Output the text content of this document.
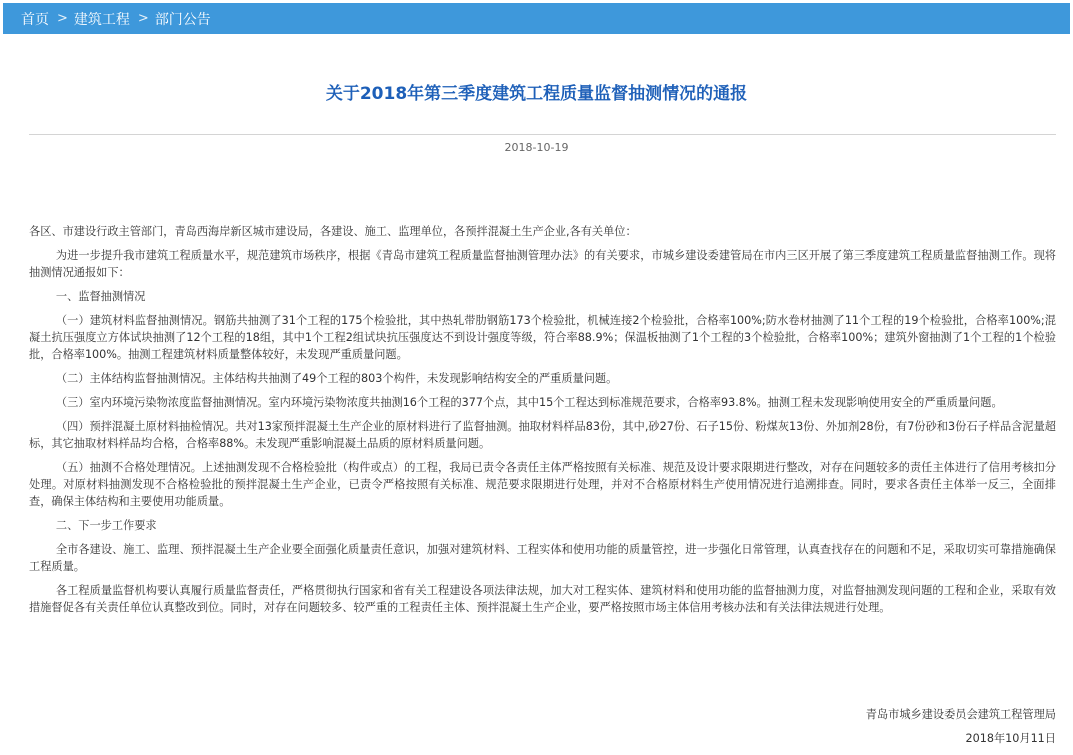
首页 > 建筑工程 > 部门公告
关于2018年第三季度建筑工程质量监督抽测情况的通报
2018-10-19

各区、市建设行政主管部门，青岛西海岸新区城市建设局，各建设、施工、监理单位，各预拌混凝土生产企业,各有关单位：

为进一步提升我市建筑工程质量水平，规范建筑市场秩序，根据《青岛市建筑工程质量监督抽测管理办法》的有关要求，市城乡建设委建管局在市内三区开展了第三季度建筑工程质量监督抽测工作。现将抽测情况通报如下：

一、监督抽测情况

（一）建筑材料监督抽测情况。钢筋共抽测了31个工程的175个检验批，其中热轧带肋钢筋173个检验批，机械连接2个检验批，合格率100%;防水卷材抽测了11个工程的19个检验批，合格率100%;混凝土抗压强度立方体试块抽测了12个工程的18组，其中1个工程2组试块抗压强度达不到设计强度等级，符合率88.9%；保温板抽测了1个工程的3个检验批，合格率100%；建筑外窗抽测了1个工程的1个检验批，合格率100%。抽测工程建筑材料质量整体较好，未发现严重质量问题。

（二）主体结构监督抽测情况。主体结构共抽测了49个工程的803个构件，未发现影响结构安全的严重质量问题。

（三）室内环境污染物浓度监督抽测情况。室内环境污染物浓度共抽测16个工程的377个点，其中15个工程达到标准规范要求，合格率93.8%。抽测工程未发现影响使用安全的严重质量问题。

（四）预拌混凝土原材料抽检情况。共对13家预拌混凝土生产企业的原材料进行了监督抽测。抽取材料样品83份，其中,砂27份、石子15份、粉煤灰13份、外加剂28份，有7份砂和3份石子样品含泥量超标，其它抽取材料样品均合格，合格率88%。未发现严重影响混凝土品质的原材料质量问题。

（五）抽测不合格处理情况。上述抽测发现不合格检验批（构件或点）的工程，我局已责令各责任主体严格按照有关标准、规范及设计要求限期进行整改，对存在问题较多的责任主体进行了信用考核扣分处理。对原材料抽测发现不合格检验批的预拌混凝土生产企业，已责令严格按照有关标准、规范要求限期进行处理，并对不合格原材料生产使用情况进行追溯排查。同时，要求各责任主体举一反三，全面排查，确保主体结构和主要使用功能质量。

二、下一步工作要求

全市各建设、施工、监理、预拌混凝土生产企业要全面强化质量责任意识，加强对建筑材料、工程实体和使用功能的质量管控，进一步强化日常管理，认真查找存在的问题和不足，采取切实可靠措施确保工程质量。

各工程质量监督机构要认真履行质量监督责任，严格贯彻执行国家和省有关工程建设各项法律法规，加大对工程实体、建筑材料和使用功能的监督抽测力度，对监督抽测发现问题的工程和企业，采取有效措施督促各有关责任单位认真整改到位。同时，对存在问题较多、较严重的工程责任主体、预拌混凝土生产企业，要严格按照市场主体信用考核办法和有关法律法规进行处理。

青岛市城乡建设委员会建筑工程管理局
2018年10月11日
